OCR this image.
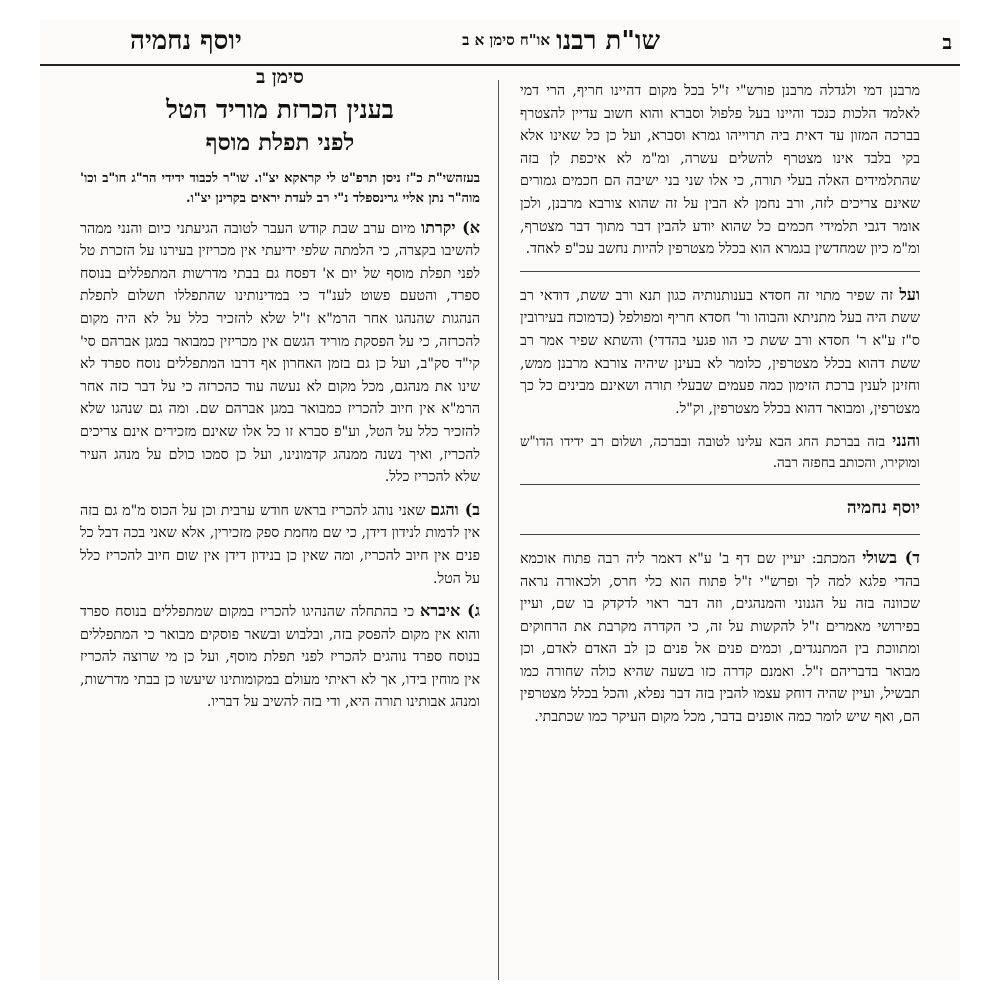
ב
שו"ת רבנו
או"ח סימן א ב
יוסף נחמיה

מרבנן דמי ולגדלה מרבנן פורש"י ז"ל בכל מקום דהיינו חריף, הרי דמי לאלמד הלכות כנכד והיינו בעל פלפול וסברא והוא חשוב עדיין להצטרף בברכה המזון עד דאית ביה תרוייהו גמרא וסברא, ועל כן כל שאינו אלא בקי בלבד אינו מצטרף להשלים עשרה, ומ"מ לא איכפת לן בזה שהתלמידים האלה בעלי תורה, כי אלו שני בני ישיבה הם חכמים גמורים שאינם צריכים לזה, ורב נחמן לא הבין על זה שהוא צורבא מרבנן, ולכן אומר דגבי תלמידי חכמים כל שהוא יודע להבין דבר מתוך דבר מצטרף, ומ"מ כיון שמחדשין בגמרא הוא בכלל מצטרפין להיות נחשב עכ"פ לאחד.

ועל זה שפיר מתוי זה חסדא בענותנותיה כגון תנא ורב ששת, דודאי רב ששת היה בעל מתניתא והבוהו ור' חסדא חריף ומפולפל (כדמוכח בעירובין ס"ז ע"א ר' חסדא ורב ששת כי הוו פגעי בהדדי) והשתא שפיר אמר רב ששת דהוא בכלל מצטרפין, כלומר לא בעינן שיהיה צורבא מרבנן ממש, וחזינן לענין ברכת הזימון כמה פעמים שבעלי תורה ושאינם מבינים כל כך מצטרפין, ומבואר דהוא בכלל מצטרפין, וק"ל.

והנני בזה בברכת החג הבא עלינו לטובה ובברכה, ושלום רב ידידו הדו"ש ומוקירו, והכותב בחפזה רבה.

יוסף נחמיה

ד) בשולי המכתב: יעיין שם דף ב' ע"א דאמר ליה רבה פתוח אוכמא בהדי פלגא למה לך ופרש"י ז"ל פתוח הוא כלי חרס, ולכאורה נראה שכוונה בזה על הגנוני והמנהגים, וזה דבר ראוי לדקדק בו שם, ועיין בפירושי מאמרים ז"ל להקשות על זה, כי הקדרה מקרבת את הרחוקים ומתווכת בין המתנגדים, וכמים פנים אל פנים כן לב האדם לאדם, וכן מבואר בדבריהם ז"ל. ואמנם קדרה כזו בשעה שהיא כולה שחורה כמו תבשיל, ועיין שהיה דוחק עצמו להבין בזה דבר נפלא, והכל בכלל מצטרפין הם, ואף שיש לומר כמה אופנים בדבר, מכל מקום העיקר כמו שכתבתי.

סימן ב

בענין הכרזת מוריד הטל

לפני תפלת מוסף

בעזהשי"ת כ"ז ניסן תרפ"ט לי קראקא יצ"ו. שו"ר לכבוד ידידי הר"ג חו"ב וכו' מוה"ר נתן אליי גרינספלד נ"י רב לעדת יראים בקרינן יצ"ו.

א) יקרתו מיום ערב שבת קודש העבר לטובה הגיעתני כיום והנני ממהר להשיבו בקצרה, כי הלמתה שלפי ידיעתי אין מכריזין בעירנו על הזכרת טל לפני תפלת מוסף של יום א' דפסח גם בבתי מדרשות המתפללים בנוסח ספרד, והטעם פשוט לענ"ד כי במדינותינו שהתפללו תשלום לתפלת הנהגות שהנהגו אחר הרמ"א ז"ל שלא להזכיר כלל על לא היה מקום להכרזה, כי על הפסקת מוריד הגשם אין מכריזין כמבואר במגן אברהם סי' קי"ד סק"ב, ועל כן גם בזמן האחרון אף דרבו המתפללים נוסח ספרד לא שינו את מנהגם, מכל מקום לא נעשה עוד כהכרזה כי על דבר כזה אחר הרמ"א אין חיוב להכריז כמבואר במגן אברהם שם. ומה גם שנהגו שלא להזכיר כלל על הטל, וע"פ סברא זו כל אלו שאינם מזכירים אינם צריכים להכריז, ואיך נשנה ממנהג קדמונינו, ועל כן סמכו כולם על מנהג העיר שלא להכריז כלל.

ב) והגם שאני נוהג להכריז בראש חודש ערבית וכן על הכוס מ"מ גם בזה אין לדמות לנידון דידן, כי שם מחמת ספק מזכירין, אלא שאני בכה דבל כל פנים אין חיוב להכריז, ומה שאין כן בנידון דידן אין שום חיוב להכריז כלל על הטל.

ג) איברא כי בהתחלה שהנהיגו להכריז במקום שמתפללים בנוסח ספרד והוא אין מקום להפסק בזה, ובלבוש ובשאר פוסקים מבואר כי המתפללים בנוסח ספרד נוהגים להכריז לפני תפלת מוסף, ועל כן מי שרוצה להכריז אין מוחין בידו, אך לא ראיתי מעולם במקומותינו שיעשו כן בבתי מדרשות, ומנהג אבותינו תורה היא, ודי בזה להשיב על דבריו.
